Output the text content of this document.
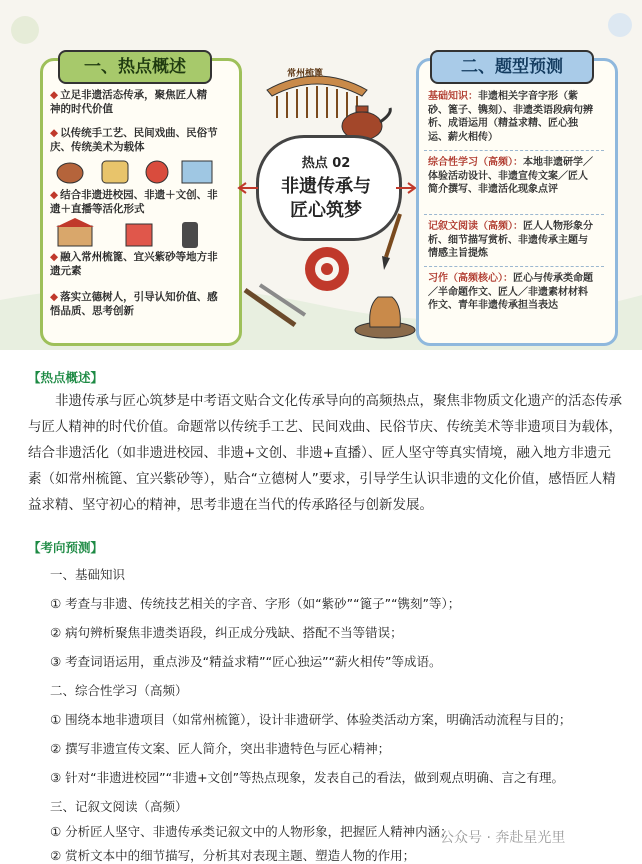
一、热点概述
◆ 立足非遗活态传承，聚焦匠人精神的时代价值
◆ 以传统手工艺、民间戏曲、民俗节庆、传统美术为载体
◆ 结合非遗进校园、非遗＋文创、非遗＋直播等活化形式
◆ 融入常州梳篦、宜兴紫砂等地方非遗元素
◆ 落实立德树人，引导认知价值、感悟品质、思考创新
常州梳篦
热点 02
非遗传承与
匠心筑梦
二、题型预测
基础知识：非遗相关字音字形（紫砂、篦子、镌刻）、非遗类语段病句辨析、成语运用（精益求精、匠心独运、薪火相传）
综合性学习（高频）：本地非遗研学／体验活动设计、非遗宣传文案／匠人简介撰写、非遗活化现象点评
记叙文阅读（高频）：匠人人物形象分析、细节描写赏析、非遗传承主题与情感主旨提炼
习作（高频核心）：匠心与传承类命题／半命题作文、匠人／非遗素材材料作文、青年非遗传承担当表达
【热点概述】
非遗传承与匠心筑梦是中考语文贴合文化传承导向的高频热点，聚焦非物质文化遗产的活态传承与匠人精神的时代价值。命题常以传统手工艺、民间戏曲、民俗节庆、传统美术等非遗项目为载体，结合非遗活化（如非遗进校园、非遗+文创、非遗+直播）、匠人坚守等真实情境，融入地方非遗元素（如常州梳篦、宜兴紫砂等），贴合“立德树人”要求，引导学生认识非遗的文化价值，感悟匠人精益求精、坚守初心的精神，思考非遗在当代的传承路径与创新发展。
【考向预测】
一、基础知识
① 考查与非遗、传统技艺相关的字音、字形（如“紫砂”“篦子”“镌刻”等）；
② 病句辨析聚焦非遗类语段，纠正成分残缺、搭配不当等错误；
③ 考查词语运用，重点涉及“精益求精”“匠心独运”“薪火相传”等成语。
二、综合性学习（高频）
① 围绕本地非遗项目（如常州梳篦），设计非遗研学、体验类活动方案，明确活动流程与目的；
② 撰写非遗宣传文案、匠人简介，突出非遗特色与匠心精神；
③ 针对“非遗进校园”“非遗+文创”等热点现象，发表自己的看法，做到观点明确、言之有理。
三、记叙文阅读（高频）
① 分析匠人坚守、非遗传承类记叙文中的人物形象，把握匠人精神内涵；
② 赏析文本中的细节描写，分析其对表现主题、塑造人物的作用；
公众号 · 奔赴星光里
